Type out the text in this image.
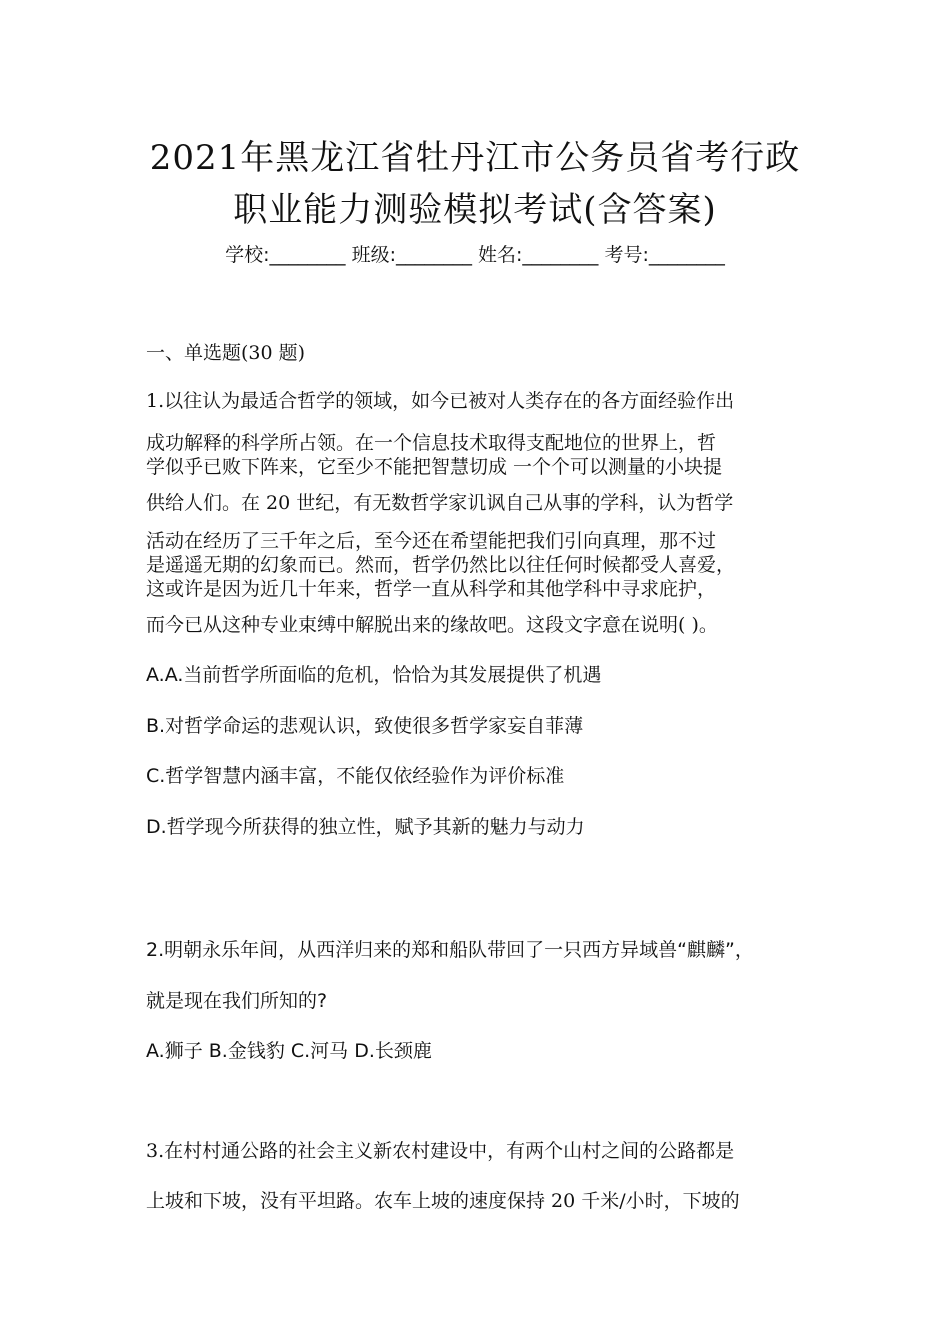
2021年黑龙江省牡丹江市公务员省考行政
职业能力测验模拟考试(含答案)
学校:________ 班级:________ 姓名:________ 考号:________
一、单选题(30 题)
1.以往认为最适合哲学的领域，如今已被对人类存在的各方面经验作出
成功解释的科学所占领。在一个信息技术取得支配地位的世界上，哲
学似乎已败下阵来，它至少不能把智慧切成 一个个可以测量的小块提
供给人们。在 20 世纪，有无数哲学家讥讽自己从事的学科，认为哲学
活动在经历了三千年之后，至今还在希望能把我们引向真理，那不过
是遥遥无期的幻象而已。然而，哲学仍然比以往任何时候都受人喜爱，
这或许是因为近几十年来，哲学一直从科学和其他学科中寻求庇护，
而今已从这种专业束缚中解脱出来的缘故吧。这段文字意在说明( )。
A.A.当前哲学所面临的危机，恰恰为其发展提供了机遇
B.对哲学命运的悲观认识，致使很多哲学家妄自菲薄
C.哲学智慧内涵丰富，不能仅依经验作为评价标准
D.哲学现今所获得的独立性，赋予其新的魅力与动力
2.明朝永乐年间，从西洋归来的郑和船队带回了一只西方异域兽“麒麟”，
就是现在我们所知的?
A.狮子 B.金钱豹 C.河马 D.长颈鹿
3.在村村通公路的社会主义新农村建设中，有两个山村之间的公路都是
上坡和下坡，没有平坦路。农车上坡的速度保持 20 千米/小时，下坡的
